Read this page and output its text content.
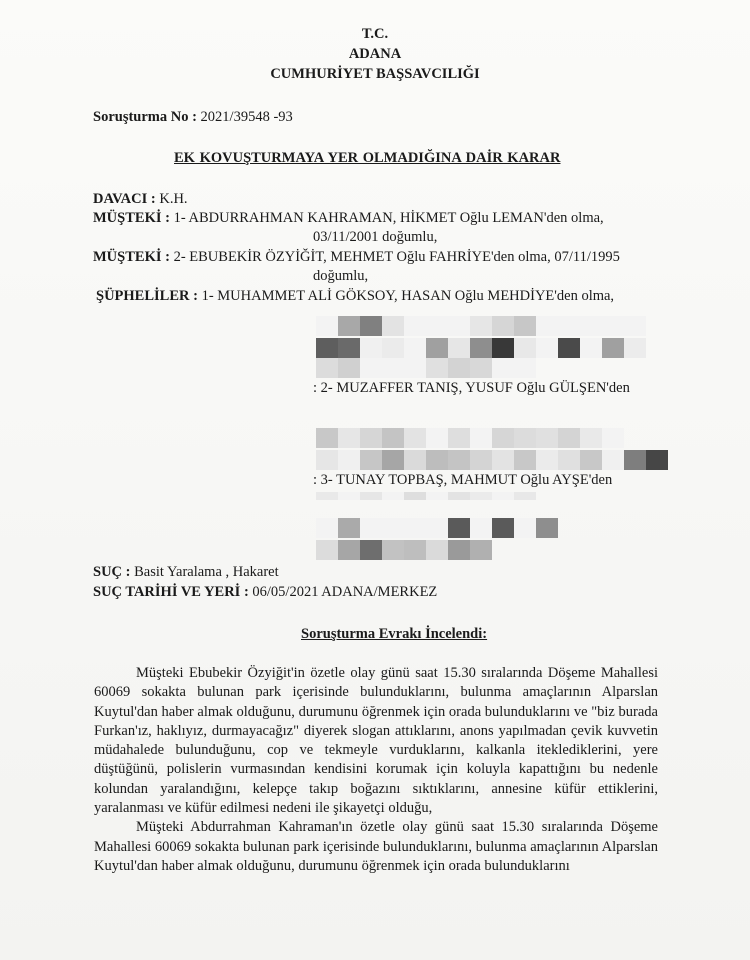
T.C.
ADANA
CUMHURİYET BAŞSAVCILIĞI
Soruşturma No : 2021/39548 -93
EK KOVUŞTURMAYA YER OLMADIĞINA DAİR KARAR
DAVACI : K.H.
MÜŞTEKİ : 1- ABDURRAHMAN KAHRAMAN, HİKMET Oğlu LEMAN'den olma,
03/11/2001 doğumlu,
MÜŞTEKİ : 2- EBUBEKİR ÖZYİĞİT, MEHMET Oğlu FAHRİYE'den olma, 07/11/1995
doğumlu,
ŞÜPHELİLER : 1- MUHAMMET ALİ GÖKSOY, HASAN Oğlu MEHDİYE'den olma,
: 2- MUZAFFER TANIŞ, YUSUF Oğlu GÜLŞEN'den
: 3- TUNAY TOPBAŞ, MAHMUT Oğlu AYŞE'den
SUÇ : Basit Yaralama , Hakaret
SUÇ TARİHİ VE YERİ : 06/05/2021 ADANA/MERKEZ
Soruşturma Evrakı İncelendi:

Müşteki Ebubekir Özyiğit'in özetle olay günü saat 15.30 sıralarında Döşeme Mahallesi 60069 sokakta bulunan park içerisinde bulunduklarını, bulunma amaçlarının Alparslan Kuytul'dan haber almak olduğunu, durumunu öğrenmek için orada bulunduklarını ve "biz burada Furkan'ız, haklıyız, durmayacağız" diyerek slogan attıklarını, anons yapılmadan çevik kuvvetin müdahalede bulunduğunu, cop ve tekmeyle vurduklarını, kalkanla iteklediklerini, yere düştüğünü, polislerin vurmasından kendisini korumak için koluyla kapattığını bu nedenle kolundan yaralandığını, kelepçe takıp boğazını sıktıklarını, annesine küfür ettiklerini, yaralanması ve küfür edilmesi nedeni ile şikayetçi olduğu,

Müşteki Abdurrahman Kahraman'ın özetle olay günü saat 15.30 sıralarında Döşeme Mahallesi 60069 sokakta bulunan park içerisinde bulunduklarını, bulunma amaçlarının Alparslan Kuytul'dan haber almak olduğunu, durumunu öğrenmek için orada bulunduklarını
